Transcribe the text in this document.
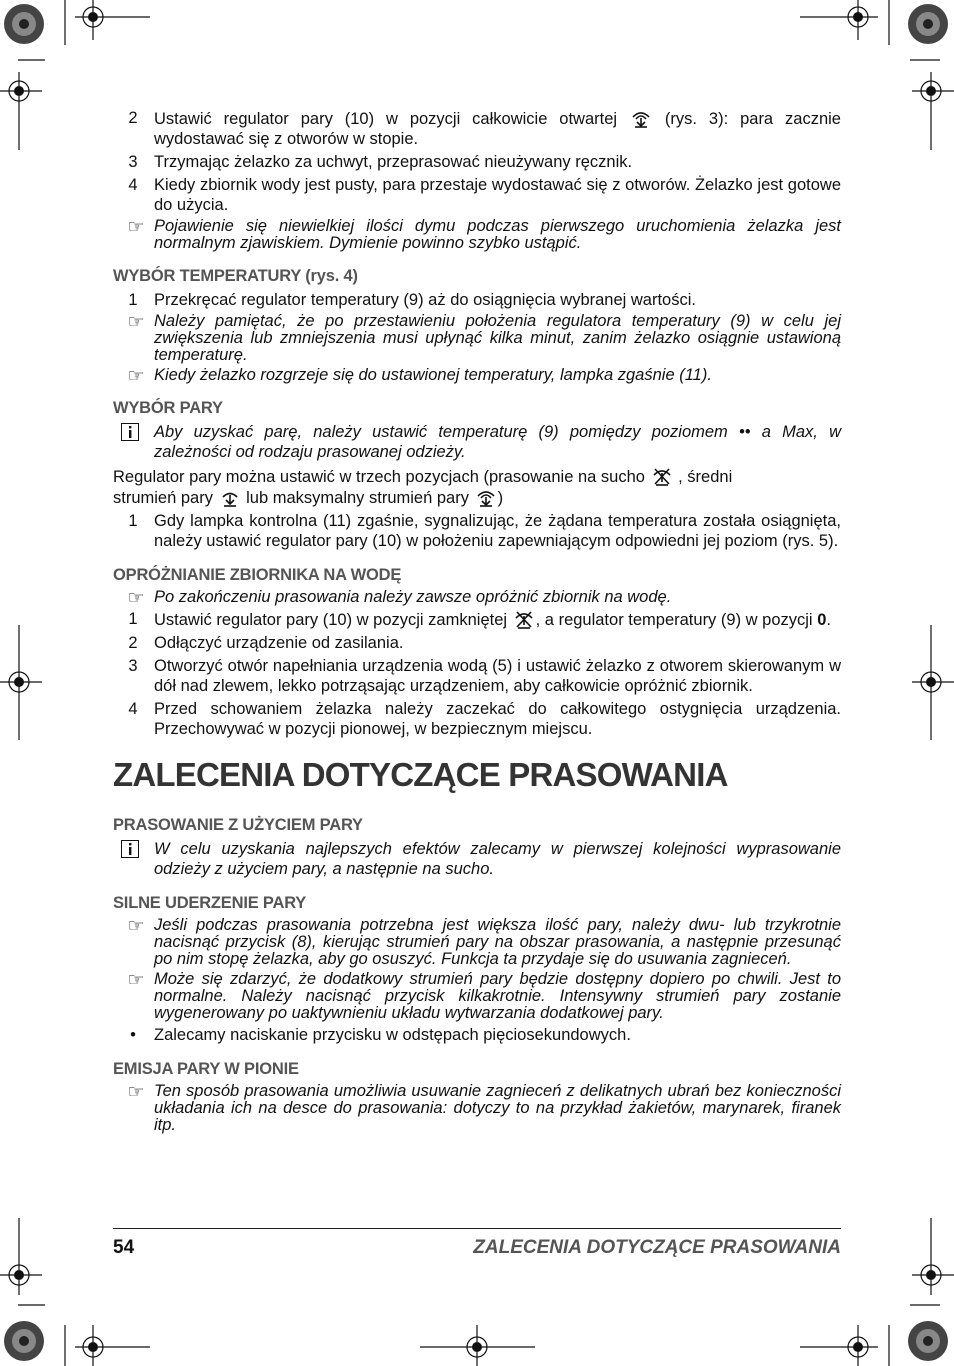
2 Ustawić regulator pary (10) w pozycji całkowicie otwartej	(rys. 3): para zacznie wydostawać się z otworów w stopie.
3 Trzymając żelazko za uchwyt, przeprasować nieużywany ręcznik.
4 Kiedy zbiornik wody jest pusty, para przestaje wydostawać się z otworów. Żelazko jest gotowe do użycia.
☞ Pojawienie się niewielkiej ilości dymu podczas pierwszego uruchomienia żelazka jest normalnym zjawiskiem. Dymienie powinno szybko ustąpić.
WYBÓR TEMPERATURY (rys. 4)
1 Przekręcać regulator temperatury (9) aż do osiągnięcia wybranej wartości.
☞ Należy pamiętać, że po przestawieniu położenia regulatora temperatury (9) w celu jej zwiększenia lub zmniejszenia musi upłynąć kilka minut, zanim żelazko osiągnie ustawioną temperaturę.
☞ Kiedy żelazko rozgrzeje się do ustawionej temperatury, lampka zgaśnie (11).
WYBÓR PARY
Aby uzyskać parę, należy ustawić temperaturę (9) pomiędzy poziomem •• a Max, w zależności od rodzaju prasowanej odzieży.
Regulator pary można ustawić w trzech pozycjach (prasowanie na sucho , średni
strumień pary lub maksymalny strumień pary )
1 Gdy lampka kontrolna (11) zgaśnie, sygnalizując, że żądana temperatura została osiągnięta, należy ustawić regulator pary (10) w położeniu zapewniającym odpowiedni jej poziom (rys. 5).
OPRÓŻNIANIE ZBIORNIKA NA WODĘ
☞ Po zakończeniu prasowania należy zawsze opróżnić zbiornik na wodę.
1 Ustawić regulator pary (10) w pozycji zamkniętej , a regulator temperatury (9) w pozycji 0.
2 Odłączyć urządzenie od zasilania.
3 Otworzyć otwór napełniania urządzenia wodą (5) i ustawić żelazko z otworem skierowanym w dół nad zlewem, lekko potrząsając urządzeniem, aby całkowicie opróżnić zbiornik.
4 Przed schowaniem żelazka należy zaczekać do całkowitego ostygnięcia urządzenia. Przechowywać w pozycji pionowej, w bezpiecznym miejscu.
ZALECENIA DOTYCZĄCE PRASOWANIA
PRASOWANIE Z UŻYCIEM PARY
W celu uzyskania najlepszych efektów zalecamy w pierwszej kolejności wyprasowanie odzieży z użyciem pary, a następnie na sucho.
SILNE UDERZENIE PARY
☞ Jeśli podczas prasowania potrzebna jest większa ilość pary, należy dwu- lub trzykrotnie nacisnąć przycisk (8), kierując strumień pary na obszar prasowania, a następnie przesunąć po nim stopę żelazka, aby go osuszyć. Funkcja ta przydaje się do usuwania zagnieceń.
☞ Może się zdarzyć, że dodatkowy strumień pary będzie dostępny dopiero po chwili. Jest to normalne. Należy nacisnąć przycisk kilkakrotnie. Intensywny strumień pary zostanie wygenerowany po uaktywnieniu układu wytwarzania dodatkowej pary.
•	Zalecamy naciskanie przycisku w odstępach pięciosekundowych.
EMISJA PARY W PIONIE
☞ Ten sposób prasowania umożliwia usuwanie zagnieceń z delikatnych ubrań bez konieczności układania ich na desce do prasowania: dotyczy to na przykład żakietów, marynarek, firanek itp.
54	ZALECENIA DOTYCZĄCE PRASOWANIA
